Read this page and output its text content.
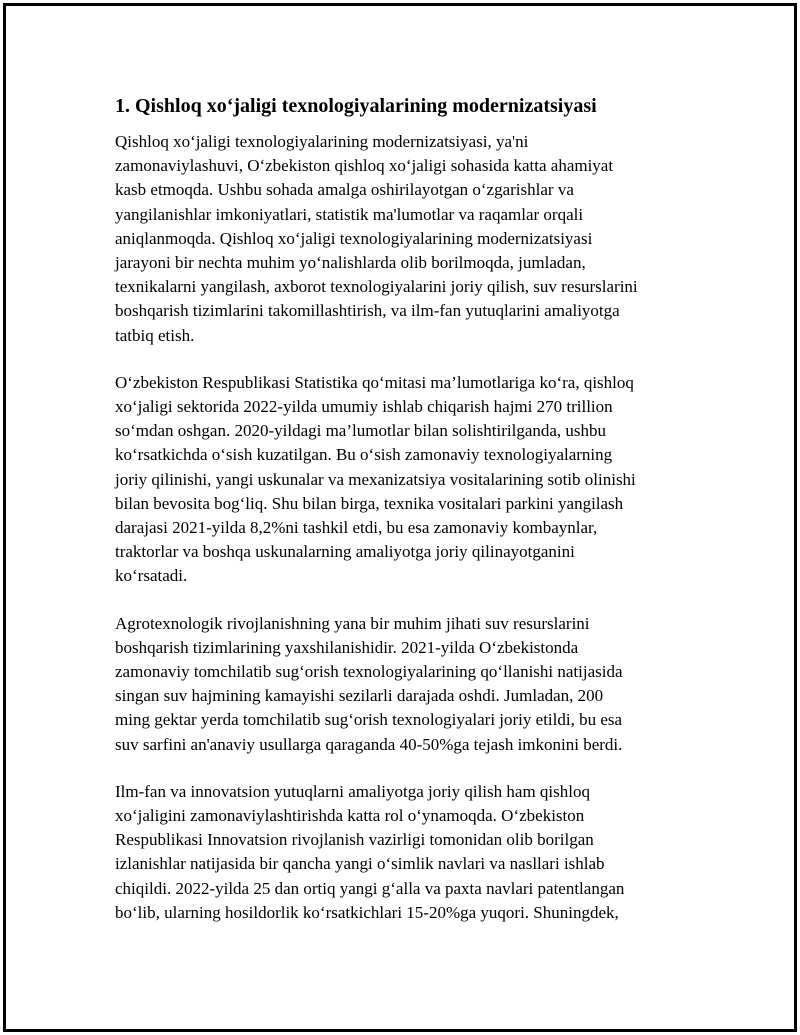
1. Qishloq xo‘jaligi texnologiyalarining modernizatsiyasi

Qishloq xo‘jaligi texnologiyalarining modernizatsiyasi, ya'ni
zamonaviylashuvi, O‘zbekiston qishloq xo‘jaligi sohasida katta ahamiyat
kasb etmoqda. Ushbu sohada amalga oshirilayotgan o‘zgarishlar va
yangilanishlar imkoniyatlari, statistik ma'lumotlar va raqamlar orqali
aniqlanmoqda. Qishloq xo‘jaligi texnologiyalarining modernizatsiyasi
jarayoni bir nechta muhim yo‘nalishlarda olib borilmoqda, jumladan,
texnikalarni yangilash, axborot texnologiyalarini joriy qilish, suv resurslarini
boshqarish tizimlarini takomillashtirish, va ilm-fan yutuqlarini amaliyotga
tatbiq etish.

O‘zbekiston Respublikasi Statistika qo‘mitasi ma’lumotlariga ko‘ra, qishloq
xo‘jaligi sektorida 2022-yilda umumiy ishlab chiqarish hajmi 270 trillion
so‘mdan oshgan. 2020-yildagi ma’lumotlar bilan solishtirilganda, ushbu
ko‘rsatkichda o‘sish kuzatilgan. Bu o‘sish zamonaviy texnologiyalarning
joriy qilinishi, yangi uskunalar va mexanizatsiya vositalarining sotib olinishi
bilan bevosita bog‘liq. Shu bilan birga, texnika vositalari parkini yangilash
darajasi 2021-yilda 8,2%ni tashkil etdi, bu esa zamonaviy kombaynlar,
traktorlar va boshqa uskunalarning amaliyotga joriy qilinayotganini
ko‘rsatadi.

Agrotexnologik rivojlanishning yana bir muhim jihati suv resurslarini
boshqarish tizimlarining yaxshilanishidir. 2021-yilda O‘zbekistonda
zamonaviy tomchilatib sug‘orish texnologiyalarining qo‘llanishi natijasida
singan suv hajmining kamayishi sezilarli darajada oshdi. Jumladan, 200
ming gektar yerda tomchilatib sug‘orish texnologiyalari joriy etildi, bu esa
suv sarfini an'anaviy usullarga qaraganda 40-50%ga tejash imkonini berdi.

Ilm-fan va innovatsion yutuqlarni amaliyotga joriy qilish ham qishloq
xo‘jaligini zamonaviylashtirishda katta rol o‘ynamoqda. O‘zbekiston
Respublikasi Innovatsion rivojlanish vazirligi tomonidan olib borilgan
izlanishlar natijasida bir qancha yangi o‘simlik navlari va nasllari ishlab
chiqildi. 2022-yilda 25 dan ortiq yangi g‘alla va paxta navlari patentlangan
bo‘lib, ularning hosildorlik ko‘rsatkichlari 15-20%ga yuqori. Shuningdek,
